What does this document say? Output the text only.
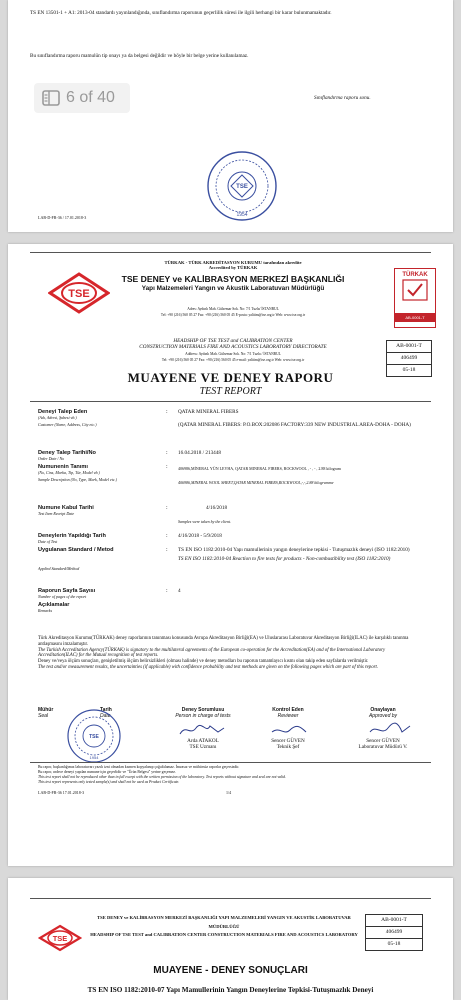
TS EN 13501-1 + A1: 2013-04 standardı yayınlandığında, sınıflandırma raporunun geçerlilik süresi ile ilgili herhangi bir karar bulunmamaktadır.
Bu sınıflandırma raporu mamulün tip onayı ya da belgesi değildir ve böyle bir belge yerine kullanılamaz.
Sınıflandırma raporu sonu.
6 of 40
TSE
1954
LAB-D-FR-36 / 17.01.2018-3
TSE
TÜRKAK
AB-0001-T
TÜRKAK - TÜRK AKREDİTASYON KURUMU tarafından akredite
Accredited by TÜRKAK
TSE DENEY ve KALİBRASYON MERKEZİ BAŞKANLIĞI
Yapı Malzemeleri Yangın ve Akustik Laboratuvarı Müdürlüğü
Adres: Aydınlı Mah. Gülsemar Sok. No: 7/1 Tuzla/ İSTANBUL
Tel: +90 (216) 560 05 27 Fax: +90 (216) 560 05 45 E-posta: yalitim@tse.org.tr Web: www.tse.org.tr
HEADSHIP OF TSE TEST and CALIBRATION CENTER
CONSTRUCTION MATERIALS FIRE AND ACOUSTICS LABORATORY DIRECTORATE
Address: Aydınlı Mah. Gülsemar Sok. No: 7/1 Tuzla / İSTANBUL
Tel: +90 (216) 560 05 27 Fax: +90 (216) 560 05 45 e-mail: yalitim@tse.org.tr Web: www.tse.org.tr
AB-0001-T
406499
05-18
MUAYENE VE DENEY RAPORU
TEST REPORT
Deneyi Talep Eden
(Adı, Adresi, Şubesi vb.)
Customer (Name, Address, City etc.)
: QATAR MINERAL FIBERS
(QATAR MINERAL FIBERS: P.O.BOX:202086 FACTORY:339 NEW INDUSTRIAL AREA-DOHA - DOHA)
Deney Talep Tarihi/No
Order Date / No
: 16.04.2018 / 213448
Numunenin Tanımı
(No, Cins, Marka, Tip, Tür, Model vb.)
Sample Description (No, Type, Mark, Model etc.)
:	406986,MİNERAL YÜN LEVHA, QATAR MINERAL FIBERS, ROCKWOOL , - , - , 2.88 kilogram
406986,MINERAL WOOL SHEET,QATAR MINERAL FIBERS,ROCKWOOL,-,-,2.88 kilogramme
Numune Kabul Tarihi
Test Item Receipt Date
:	4/16/2018
Samples were taken by the client.
Deneylerin Yapıldığı Tarih
Date of Test
: 4/16/2018 - 5/9/2018
Uygulanan Standard / Metod
Applied Standard/Method
: TS EN ISO 1182:2010-04 Yapı mamullerinin yangın deneylerine tepkisi - Tutuşmazlık deneyi (ISO 1182:2010)
TS EN ISO 1182:2010-04 Reaction to fire tests for products - Non-combustibility test (ISO 1182:2010)
Raporun Sayfa Sayısı
Number of pages of the report
: 4
Açıklamalar
Remarks
Türk Akreditasyon Kurumu(TÜRKAK) deney raporlarının tanınması konusunda Avrupa Akreditasyon Birliği(EA) ve Uluslararası Laboratuvar Akreditasyon Birliği(ILAC) ile karşılıklı tanınma antlaşmasını imzalamıştır.
The Turkish Accreditation Agency(TÜRKAK) is signatory to the multilateral agreements of the European co-operation for the Accreditation(EA) and of the International Laboratory Accreditation(ILAC) for the Mutual recognition of test reports.
Deney ve/veya ölçüm sonuçları, genişletilmiş ölçüm belirsizlikleri (olması halinde) ve deney metodları bu raporun tamamlayıcı kısmı olan takip eden sayfalarda verilmiştir.
The test and/or measurement results, the uncertainties (if applicable) with confidence probability and test methods are given on the following pages which are part of this report.
Mühür
Seal
Tarih
Date
Deney Sorumlusu
Person in charge of tests
Kontrol Eden
Reviewer
Onaylayan
Approved by
TSE
1954
Arda ATAKOL
TSE Uzmanı
Sencer GÜVEN
Teknik Şef
Sencer GÜVEN
Laboratuvar Müdürü V.
Bu rapor, başkanlığımız laboratuvarı yazılı izni olmadan kısmen kopyalanıp çoğaltılamaz. İmzasız ve mühürsüz raporlar geçersizdir.
Bu rapor, ındece deneyi yapılan numune için geçerlidir ve "Ürün Belgesi" yerine geçemez.
This test report shall not be reproduced other than in full except with the written permission of the laboratory. Test reports without signature and seal are not valid.
This test report represents only tested sample(s) and shall not be used as Product Certificate.
LAB-D-FR-36 17.01.2018-3	1/4
TSE
TSE DENEY ve KALİBRASYON MERKEZİ BAŞKANLIĞI YAPI MALZEMELERİ YANGIN VE AKUSTİK LABORATUVAR MÜDÜRLÜĞÜ
HEADSHIP OF TSE TEST and CALIBRATION CENTER CONSTRUCTION MATERIALS FIRE AND ACOUSTICS LABORATORY
AB-0001-T
406499
05-18
MUAYENE - DENEY SONUÇLARI
TS EN ISO 1182:2010-07 Yapı Mamullerinin Yangın Deneylerine Tepkisi-Tutuşmazlık Deneyi
